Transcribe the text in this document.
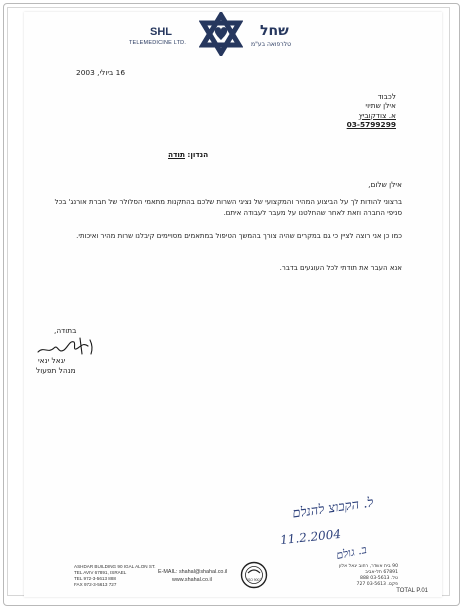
SHL
TELEMEDICINE LTD.
שחל
טלרפואה בע"מ
16 ביולי, 2003
לכבוד
אילן שתיוי
א. צודקוביץ
03-5799299
הנדון: תודה
אילן שלום,
ברצוני להודות לך על הביצוע המהיר והמקצועי של נציגי השרות שלכם בהתקנות מתאמי הסלולר של חברת אורנג' בכל סניפי החברה וזאת לאחר שהחלטנו על מעבר לעבודה איתם.
כמו כן אני רוצה לציין כי גם במקרים שהיה צורך בהמשך הטיפול במתאמים מסויימים קיבלנו שרות מהיר ואיכותי.
אנא העבר את תודתי לכל העוגעים בדבר.
בתודה,
יגאל ינאי
מנהל תפעול
ל. הקבוצ להנלם
11.2.2004
ב. גולם
ASHDAR BUILDING 90 IGAL ALON ST.
TEL AVIV 67891, ISRAEL
TEL 972-3-5613 888
FAX 972-3-5613 727
E-MAIL: shahal@shahal.co.il
www.shahal.co.il	ISO 9002
90 בית אשדר, רחוב יגאל אלון
67891 תל-אביב
טל. 03-5613 888
פקס. 03-5613 727
TOTAL P.01
